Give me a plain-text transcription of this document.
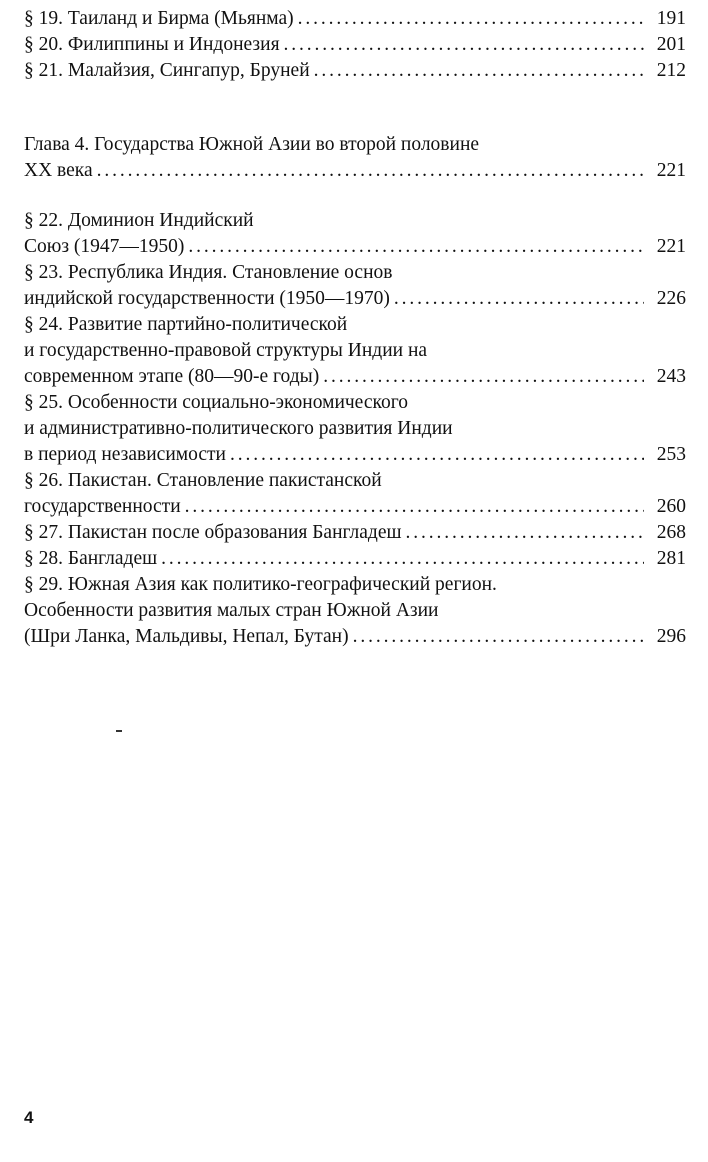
§ 19. Таиланд и Бирма (Мьянма) . . .	191
§ 20. Филиппины и Индонезия . . .	201
§ 21. Малайзия, Сингапур, Бруней . . .	212
Глава 4. Государства Южной Азии во второй половине
XX века . . .	221
§ 22. Доминион Индийский
Союз (1947—1950) . . .	221
§ 23. Республика Индия. Становление основ
индийской государственности (1950—1970) . . .	226
§ 24. Развитие партийно-политической
и государственно-правовой структуры Индии на
современном этапе (80—90-е годы) . . .	243
§ 25. Особенности социально-экономического
и административно-политического развития Индии
в период независимости . . .	253
§ 26. Пакистан. Становление пакистанской
государственности . . .	260
§ 27. Пакистан после образования Бангладеш . . .	268
§ 28. Бангладеш . . .	281
§ 29. Южная Азия как политико-географический регион.
Особенности развития малых стран Южной Азии
(Шри Ланка, Мальдивы, Непал, Бутан) . . .	296
4
